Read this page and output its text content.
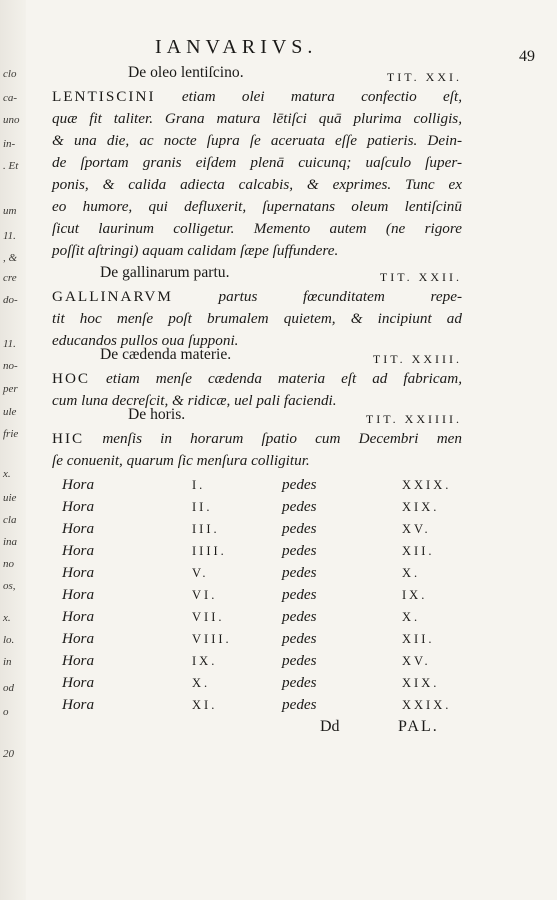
clo
ca-
uno
in-
. Et
um
11.
, &
cre
do-
11.
no-
per
ule
frie
x.
uie
cla
ina
no
os,
x.
lo.
in
od
o
20
IANVARIVS.	49
De oleo lentiſcino.	TIT. XXI.
LENTISCINI etiam olei matura confectio eſt,
quæ fit taliter. Grana matura lētiſci quā plurima colligis,
& una die, ac nocte ſupra ſe aceruata eſſe patieris. Dein-
de ſportam granis eiſdem plenā cuicunq; uaſculo ſuper-
ponis, & calida adiecta calcabis, & exprimes. Tunc ex
eo humore, qui defluxerit, ſupernatans oleum lentiſcinū
ſicut laurinum colligetur. Memento autem (ne rigore
poſſit aſtringi) aquam calidam ſæpe ſuffundere.
De gallinarum partu.	TIT. XXII.
GALLINARVM	partus fœcunditatem repe-
tit hoc menſe poſt brumalem quietem, & incipiunt ad
educandos pullos oua ſupponi.
De cædenda materie.	TIT. XXIII.
HOC etiam menſe cædenda materia eſt ad fabricam,
cum luna decreſcit, & ridicæ, uel pali faciendi.
De horis.	TIT. XXIIII.
HIC menſis in horarum ſpatio cum Decembri men
ſe conuenit, quarum ſic menſura colligitur.
Hora	I.	pedes	XXIX.
Hora	II.	pedes	XIX.
Hora	III.	pedes	XV.
Hora	IIII.	pedes	XII.
Hora	V.	pedes	X.
Hora	VI.	pedes	IX.
Hora	VII.	pedes	X.
Hora	VIII.	pedes	XII.
Hora	IX.	pedes	XV.
Hora	X.	pedes	XIX.
Hora	XI.	pedes	XXIX.
Dd	PAL.
